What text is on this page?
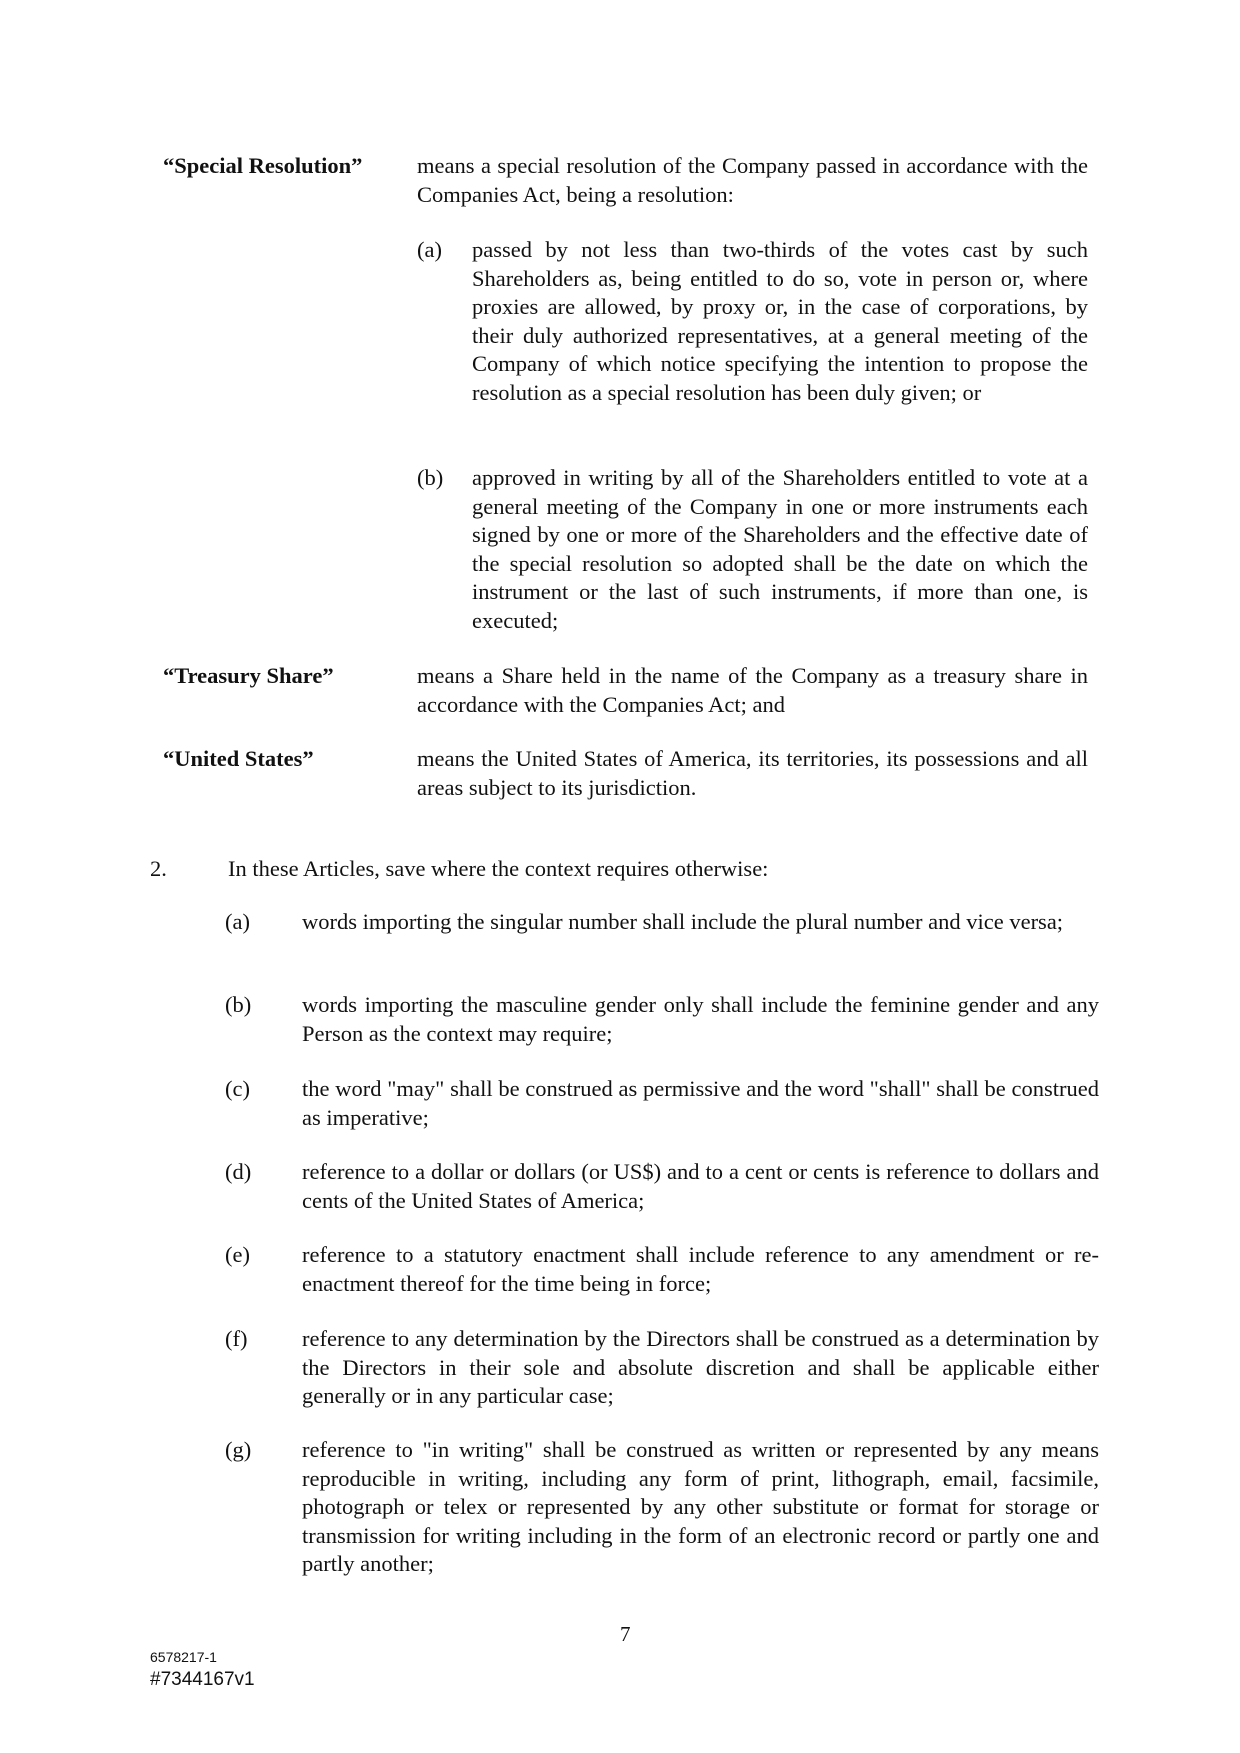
“Special Resolution” means a special resolution of the Company passed in accordance with the Companies Act, being a resolution:
(a) passed by not less than two-thirds of the votes cast by such Shareholders as, being entitled to do so, vote in person or, where proxies are allowed, by proxy or, in the case of corporations, by their duly authorized representatives, at a general meeting of the Company of which notice specifying the intention to propose the resolution as a special resolution has been duly given; or
(b) approved in writing by all of the Shareholders entitled to vote at a general meeting of the Company in one or more instruments each signed by one or more of the Shareholders and the effective date of the special resolution so adopted shall be the date on which the instrument or the last of such instruments, if more than one, is executed;
“Treasury Share”	means a Share held in the name of the Company as a treasury share in accordance with the Companies Act; and
“United States”	means the United States of America, its territories, its possessions and all areas subject to its jurisdiction.
2.	In these Articles, save where the context requires otherwise:
(a) words importing the singular number shall include the plural number and vice versa;
(b) words importing the masculine gender only shall include the feminine gender and any Person as the context may require;
(c) the word "may" shall be construed as permissive and the word "shall" shall be construed as imperative;
(d) reference to a dollar or dollars (or US$) and to a cent or cents is reference to dollars and cents of the United States of America;
(e) reference to a statutory enactment shall include reference to any amendment or re-enactment thereof for the time being in force;
(f) reference to any determination by the Directors shall be construed as a determination by the Directors in their sole and absolute discretion and shall be applicable either generally or in any particular case;
(g) reference to "in writing" shall be construed as written or represented by any means reproducible in writing, including any form of print, lithograph, email, facsimile, photograph or telex or represented by any other substitute or format for storage or transmission for writing including in the form of an electronic record or partly one and partly another;
7
6578217-1
#7344167v1
